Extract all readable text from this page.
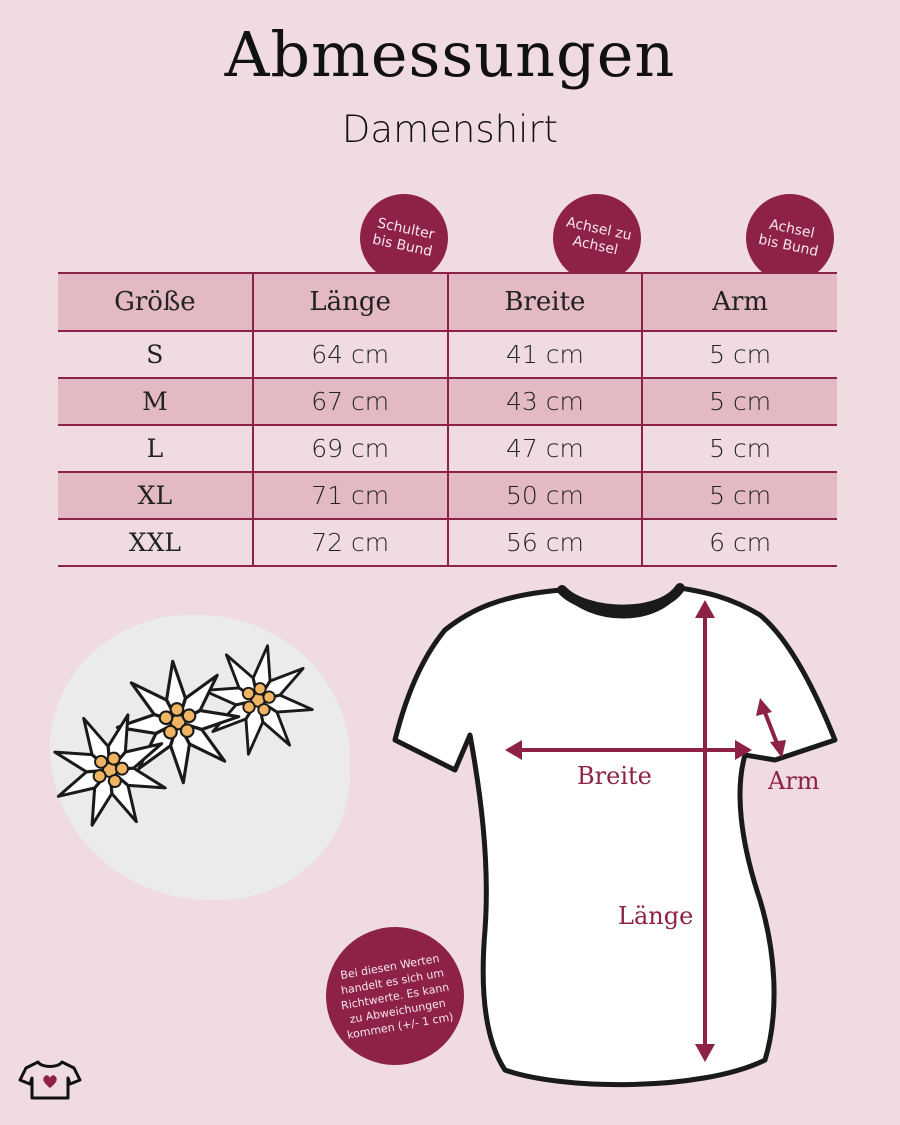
Abmessungen
Damenshirt
Schulter bis Bund
Achsel zu Achsel
Achsel bis Bund
Größe	Länge	Breite	Arm
S	64 cm	41 cm	5 cm
M	67 cm	43 cm	5 cm
L	69 cm	47 cm	5 cm
XL	71 cm	50 cm	5 cm
XXL	72 cm	56 cm	6 cm
Breite	Arm
Länge
Bei diesen Werten handelt es sich um Richtwerte. Es kann zu Abweichungen kommen (+/- 1 cm)
